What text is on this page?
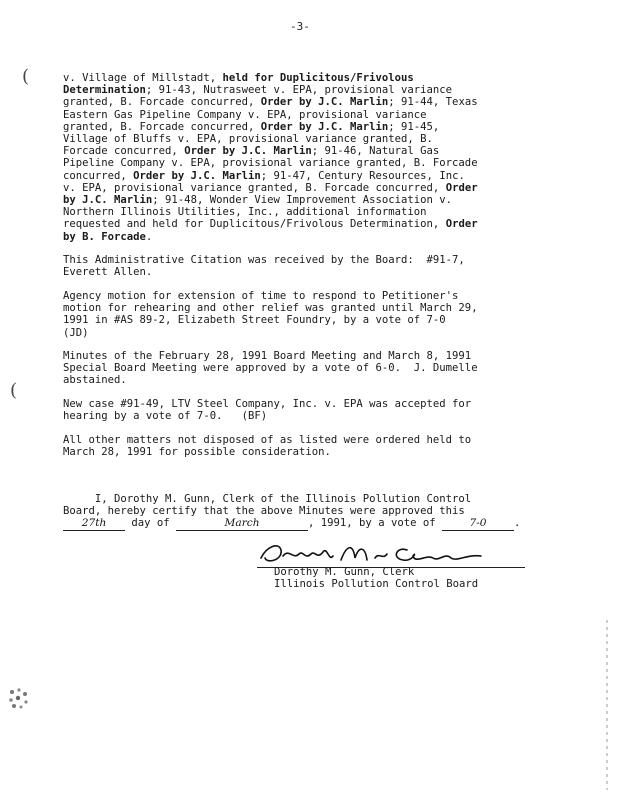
-3-
(
(
v. Village of Millstadt, held for Duplicitous/Frivolous
Determination; 91-43, Nutrasweet v. EPA, provisional variance
granted, B. Forcade concurred, Order by J.C. Marlin; 91-44, Texas
Eastern Gas Pipeline Company v. EPA, provisional variance
granted, B. Forcade concurred, Order by J.C. Marlin; 91-45,
Village of Bluffs v. EPA, provisional variance granted, B.
Forcade concurred, Order by J.C. Marlin; 91-46, Natural Gas
Pipeline Company v. EPA, provisional variance granted, B. Forcade
concurred, Order by J.C. Marlin; 91-47, Century Resources, Inc.
v. EPA, provisional variance granted, B. Forcade concurred, Order
by J.C. Marlin; 91-48, Wonder View Improvement Association v.
Northern Illinois Utilities, Inc., additional information
requested and held for Duplicitous/Frivolous Determination, Order
by B. Forcade.
This Administrative Citation was received by the Board:  #91-7,
Everett Allen.
Agency motion for extension of time to respond to Petitioner's
motion for rehearing and other relief was granted until March 29,
1991 in #AS 89-2, Elizabeth Street Foundry, by a vote of 7-0
(JD)
Minutes of the February 28, 1991 Board Meeting and March 8, 1991
Special Board Meeting were approved by a vote of 6-0.  J. Dumelle
abstained.
New case #91-49, LTV Steel Company, Inc. v. EPA was accepted for
hearing by a vote of 7-0.   (BF)
All other matters not disposed of as listed were ordered held to
March 28, 1991 for possible consideration.
I, Dorothy M. Gunn, Clerk of the Illinois Pollution Control
Board, hereby certify that the above Minutes were approved this
27th day of	March	, 1991, by a vote of	7-0	.
Dorothy M. Gunn, Clerk
Illinois Pollution Control Board
